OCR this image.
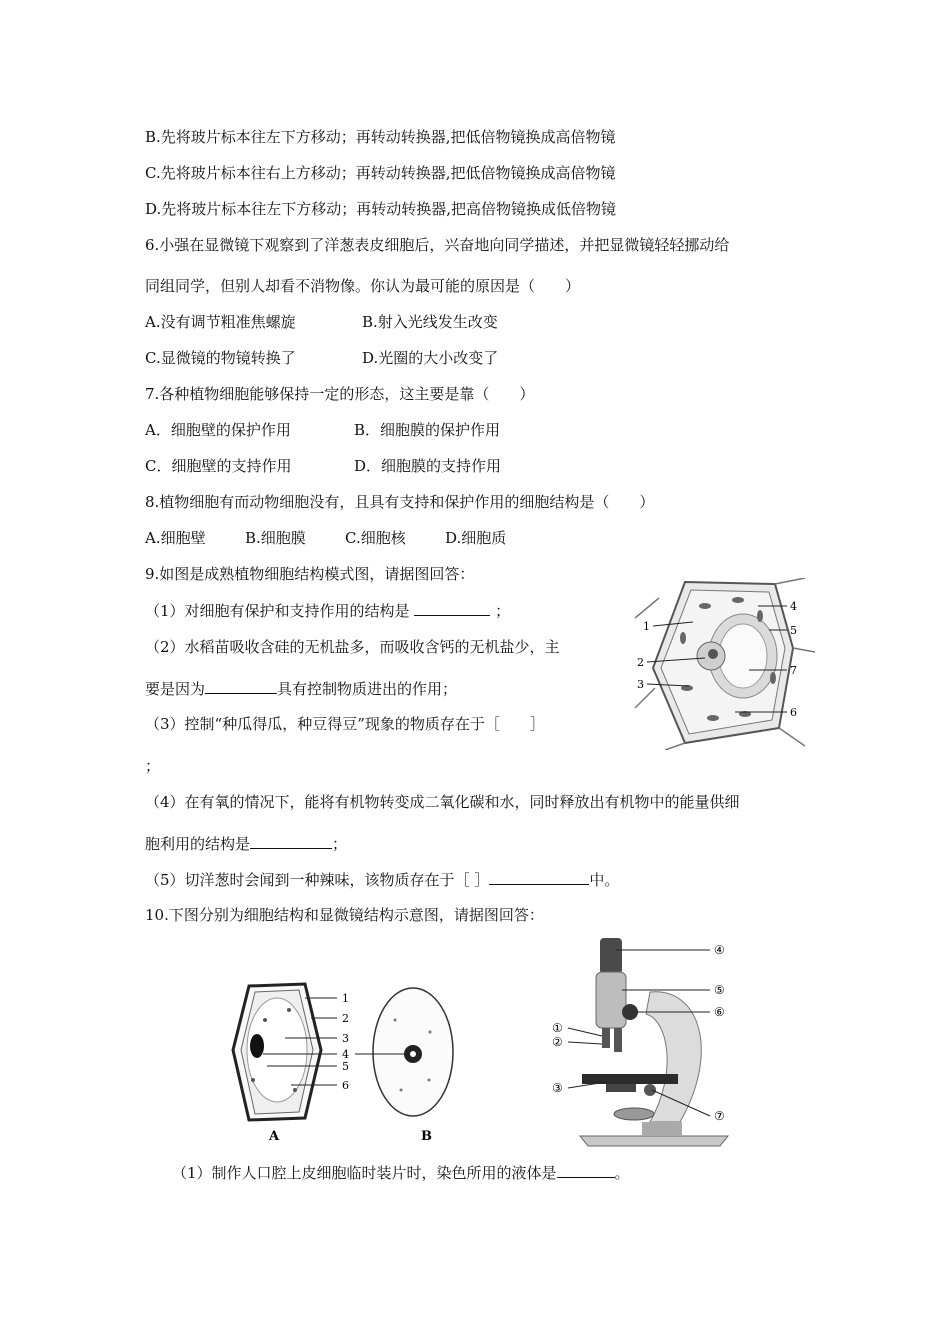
B.先将玻片标本往左下方移动；再转动转换器,把低倍物镜换成高倍物镜
C.先将玻片标本往右上方移动；再转动转换器,把低倍物镜换成高倍物镜
D.先将玻片标本往左下方移动；再转动转换器,把高倍物镜换成低倍物镜
6.小强在显微镜下观察到了洋葱表皮细胞后，兴奋地向同学描述，并把显微镜轻轻挪动给
同组同学，但别人却看不消物像。你认为最可能的原因是（　　）
A.没有调节粗准焦螺旋	B.射入光线发生改变
C.显微镜的物镜转换了	D.光圈的大小改变了
7.各种植物细胞能够保持一定的形态，这主要是靠（　　）
A．细胞壁的保护作用	B．细胞膜的保护作用
C．细胞壁的支持作用	D．细胞膜的支持作用
8.植物细胞有而动物细胞没有，且具有支持和保护作用的细胞结构是（　　）
A.细胞壁	B.细胞膜	C.细胞核	D.细胞质
9.如图是成熟植物细胞结构模式图，请据图回答：
（1）对细胞有保护和支持作用的结构是	；
（2）水稻苗吸收含硅的无机盐多，而吸收含钙的无机盐少，主
要是因为	具有控制物质进出的作用；
（3）控制“种瓜得瓜，种豆得豆”现象的物质存在于［　　］
；
（4）在有氧的情况下，能将有机物转变成二氧化碳和水，同时释放出有机物中的能量供细
胞利用的结构是	；
（5）切洋葱时会闻到一种辣味，该物质存在于［ ］	中。
1
2
3
4
5
6
7
10.下图分别为细胞结构和显微镜结构示意图，请据图回答：
1
2
3
4
5
6
A	B
①
②
③
④
⑤
⑥
⑦
（1）制作人口腔上皮细胞临时装片时，染色所用的液体是	。
